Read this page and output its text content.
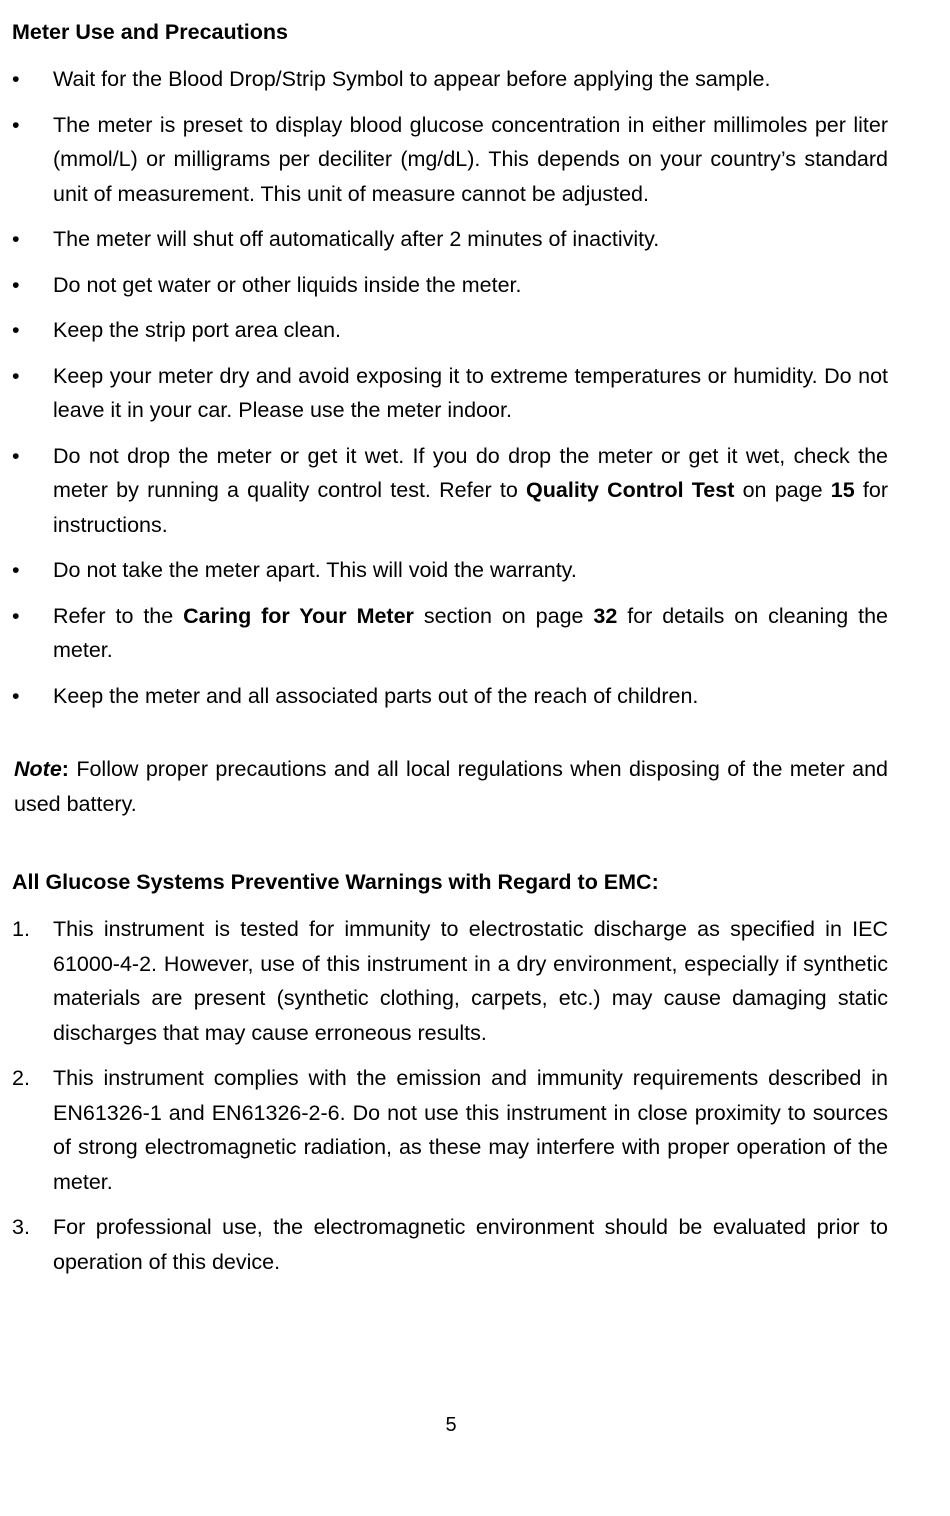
Meter Use and Precautions
•	Wait for the Blood Drop/Strip Symbol to appear before applying the sample.
•	The meter is preset to display blood glucose concentration in either millimoles per liter (mmol/L) or milligrams per deciliter (mg/dL). This depends on your country’s standard unit of measurement. This unit of measure cannot be adjusted.
•	The meter will shut off automatically after 2 minutes of inactivity.
•	Do not get water or other liquids inside the meter.
•	Keep the strip port area clean.
•	Keep your meter dry and avoid exposing it to extreme temperatures or humidity. Do not leave it in your car. Please use the meter indoor.
•	Do not drop the meter or get it wet. If you do drop the meter or get it wet, check the meter by running a quality control test. Refer to Quality Control Test on page 15 for instructions.
•	Do not take the meter apart. This will void the warranty.
•	Refer to the Caring for Your Meter section on page 32 for details on cleaning the meter.
•	Keep the meter and all associated parts out of the reach of children.

Note: Follow proper precautions and all local regulations when disposing of the meter and used battery.

All Glucose Systems Preventive Warnings with Regard to EMC:
1. This instrument is tested for immunity to electrostatic discharge as specified in IEC 61000-4-2. However, use of this instrument in a dry environment, especially if synthetic materials are present (synthetic clothing, carpets, etc.) may cause damaging static discharges that may cause erroneous results.
2. This instrument complies with the emission and immunity requirements described in EN61326-1 and EN61326-2-6. Do not use this instrument in close proximity to sources of strong electromagnetic radiation, as these may interfere with proper operation of the meter.
3. For professional use, the electromagnetic environment should be evaluated prior to operation of this device.
5
